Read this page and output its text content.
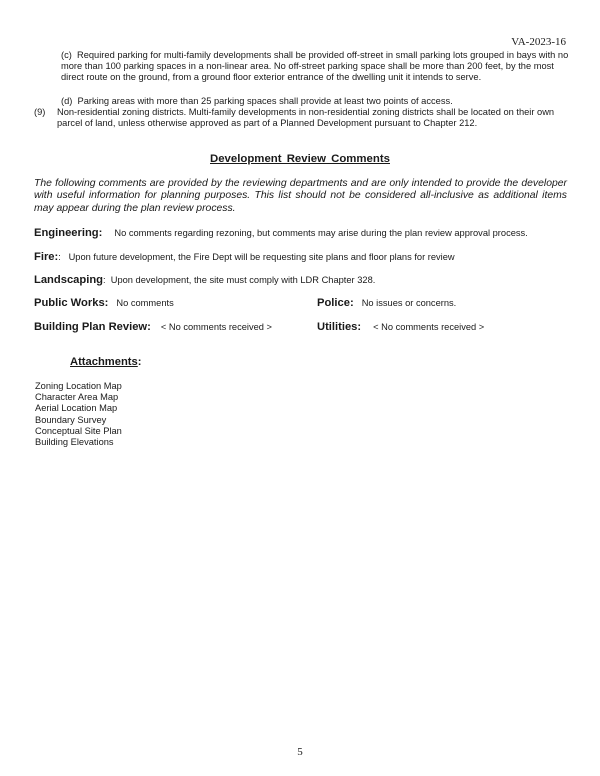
VA-2023-16
(c)  Required parking for multi-family developments shall be provided off-street in small parking lots grouped in bays with no more than 100 parking spaces in a non-linear area. No off-street parking space shall be more than 200 feet, by the most direct route on the ground, from a ground floor exterior entrance of the dwelling unit it intends to serve.
(d)  Parking areas with more than 25 parking spaces shall provide at least two points of access.
(9)	Non-residential zoning districts. Multi-family developments in non-residential zoning districts shall be located on their own parcel of land, unless otherwise approved as part of a Planned Development pursuant to Chapter 212.
Development Review Comments
The following comments are provided by the reviewing departments and are only intended to provide the developer with useful information for planning purposes. This list should not be considered all-inclusive as additional items may appear during the plan review process.
Engineering: No comments regarding rezoning, but comments may arise during the plan review approval process.
Fire: :   Upon future development, the Fire Dept will be requesting site plans and floor plans for review
Landscaping :  Upon development, the site must comply with LDR Chapter 328.
Public Works: No comments	Police: No issues or concerns.
Building Plan Review: < No comments received >	Utilities: < No comments received >
Attachments:
Zoning Location Map
Character Area Map
Aerial Location Map
Boundary Survey
Conceptual Site Plan
Building Elevations
5
